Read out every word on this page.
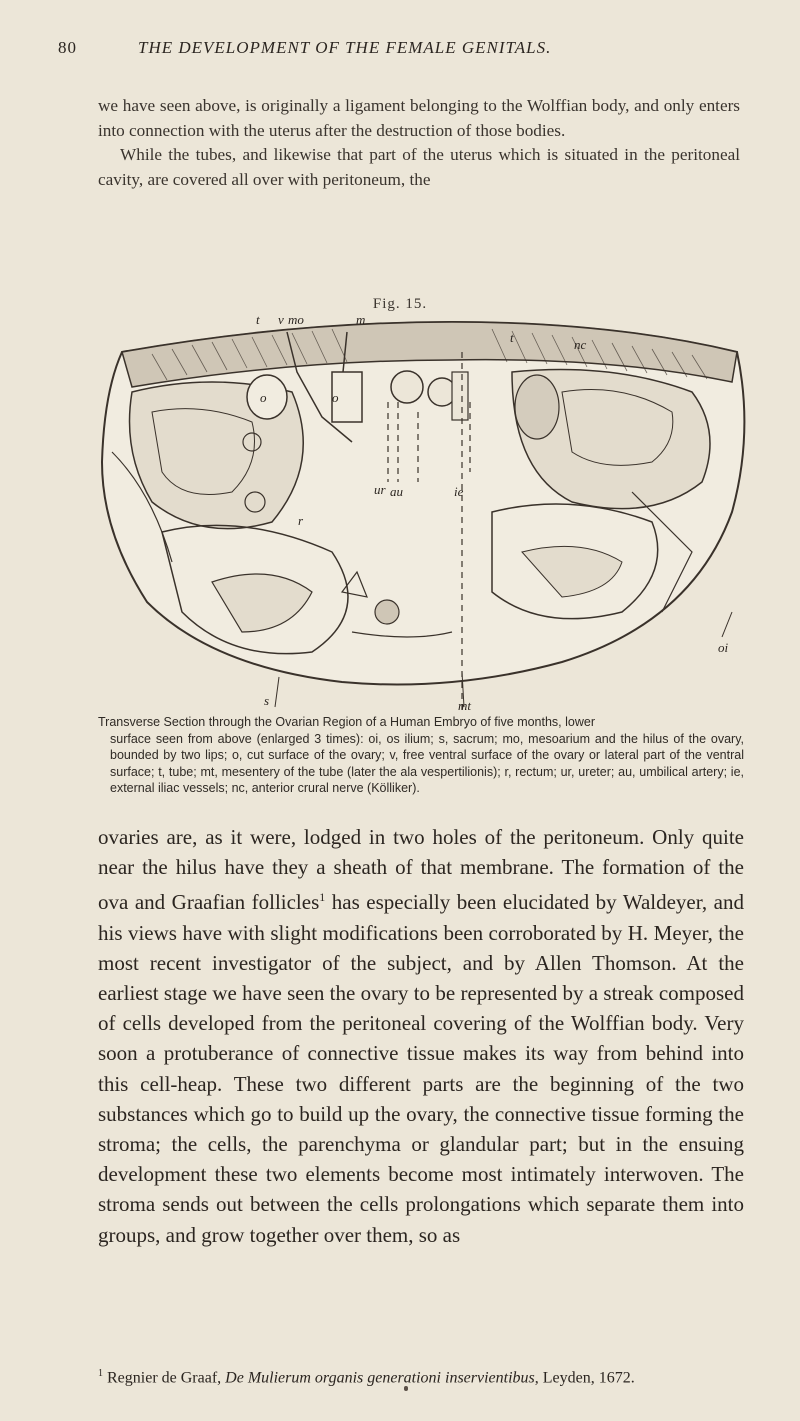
80	THE DEVELOPMENT OF THE FEMALE GENITALS.

we have seen above, is originally a ligament belonging to the Wolffian body, and only enters into connection with the uterus after the destruction of those bodies.

While the tubes, and likewise that part of the uterus which is situated in the peritoneal cavity, are covered all over with peritoneum, the

Fig. 15.
t v mo	m
t	nc
o	o
ur au	ie
r
s	mt
oi
Transverse Section through the Ovarian Region of a Human Embryo of five months, lower
surface seen from above (enlarged 3 times): oi, os ilium; s, sacrum; mo, mesoarium and the hilus of the ovary, bounded by two lips; o, cut surface of the ovary; v, free ventral surface of the ovary or lateral part of the ventral surface; t, tube; mt, mesentery of the tube (later the ala vespertilionis); r, rectum; ur, ureter; au, umbilical artery; ie, external iliac vessels; nc, anterior crural nerve (Kölliker).

ovaries are, as it were, lodged in two holes of the peritoneum. Only quite near the hilus have they a sheath of that membrane. The formation of the ova and Graafian follicles$^1$ has especially been elucidated by Waldeyer, and his views have with slight modifications been corroborated by H. Meyer, the most recent investigator of the subject, and by Allen Thomson. At the earliest stage we have seen the ovary to be represented by a streak composed of cells developed from the peritoneal covering of the Wolffian body. Very soon a protuberance of connective tissue makes its way from behind into this cell-heap. These two different parts are the beginning of the two substances which go to build up the ovary, the connective tissue forming the stroma; the cells, the parenchyma or glandular part; but in the ensuing development these two elements become most intimately interwoven. The stroma sends out between the cells prolongations which separate them into groups, and grow together over them, so as

$^1$ Regnier de Graaf, De Mulierum organis generationi inservientibus, Leyden, 1672.
